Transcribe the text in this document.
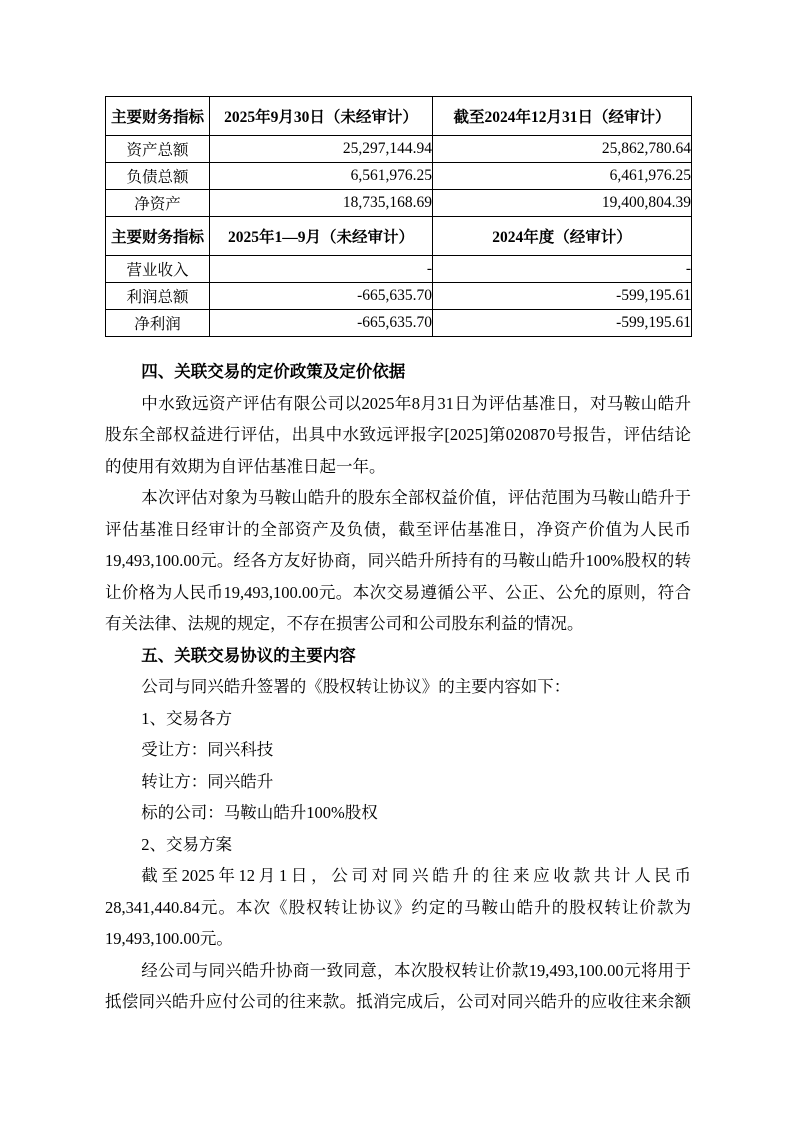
主要财务指标	2025年9月30日（未经审计）	截至2024年12月31日（经审计）
资产总额	25,297,144.94	25,862,780.64
负债总额	6,561,976.25	6,461,976.25
净资产	18,735,168.69	19,400,804.39
主要财务指标	2025年1—9月（未经审计）	2024年度（经审计）
营业收入	-	-
利润总额	-665,635.70	-599,195.61
净利润	-665,635.70	-599,195.61
四、关联交易的定价政策及定价依据
中水致远资产评估有限公司以2025年8月31日为评估基准日，对马鞍山皓升
股东全部权益进行评估，出具中水致远评报字[2025]第020870号报告，评估结论
的使用有效期为自评估基准日起一年。
本次评估对象为马鞍山皓升的股东全部权益价值，评估范围为马鞍山皓升于
评估基准日经审计的全部资产及负债，截至评估基准日，净资产价值为人民币
19,493,100.00元。经各方友好协商，同兴皓升所持有的马鞍山皓升100%股权的转
让价格为人民币19,493,100.00元。本次交易遵循公平、公正、公允的原则，符合
有关法律、法规的规定，不存在损害公司和公司股东利益的情况。
五、关联交易协议的主要内容
公司与同兴皓升签署的《股权转让协议》的主要内容如下：
1、交易各方
受让方：同兴科技
转让方：同兴皓升
标的公司：马鞍山皓升100%股权
2、交易方案
截至2025年12月1日，公司对同兴皓升的往来应收款共计人民币
28,341,440.84元。本次《股权转让协议》约定的马鞍山皓升的股权转让价款为
19,493,100.00元。
经公司与同兴皓升协商一致同意，本次股权转让价款19,493,100.00元将用于
抵偿同兴皓升应付公司的往来款。抵消完成后，公司对同兴皓升的应收往来余额
